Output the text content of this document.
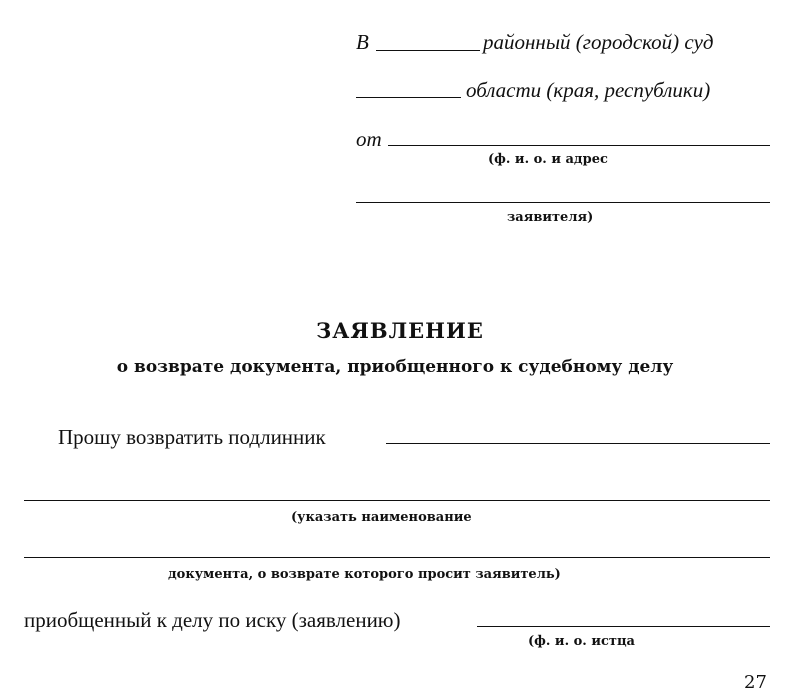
В	районный (городской) суд
области (края, республики)
от
(ф. и. о. и адрес
заявителя)
ЗАЯВЛЕНИЕ
о возврате документа, приобщенного к судебному делу
Прошу возвратить подлинник
(указать наименование
документа, о возврате которого просит заявитель)
приобщенный к делу по иску (заявлению)
(ф. и. о. истца
27
